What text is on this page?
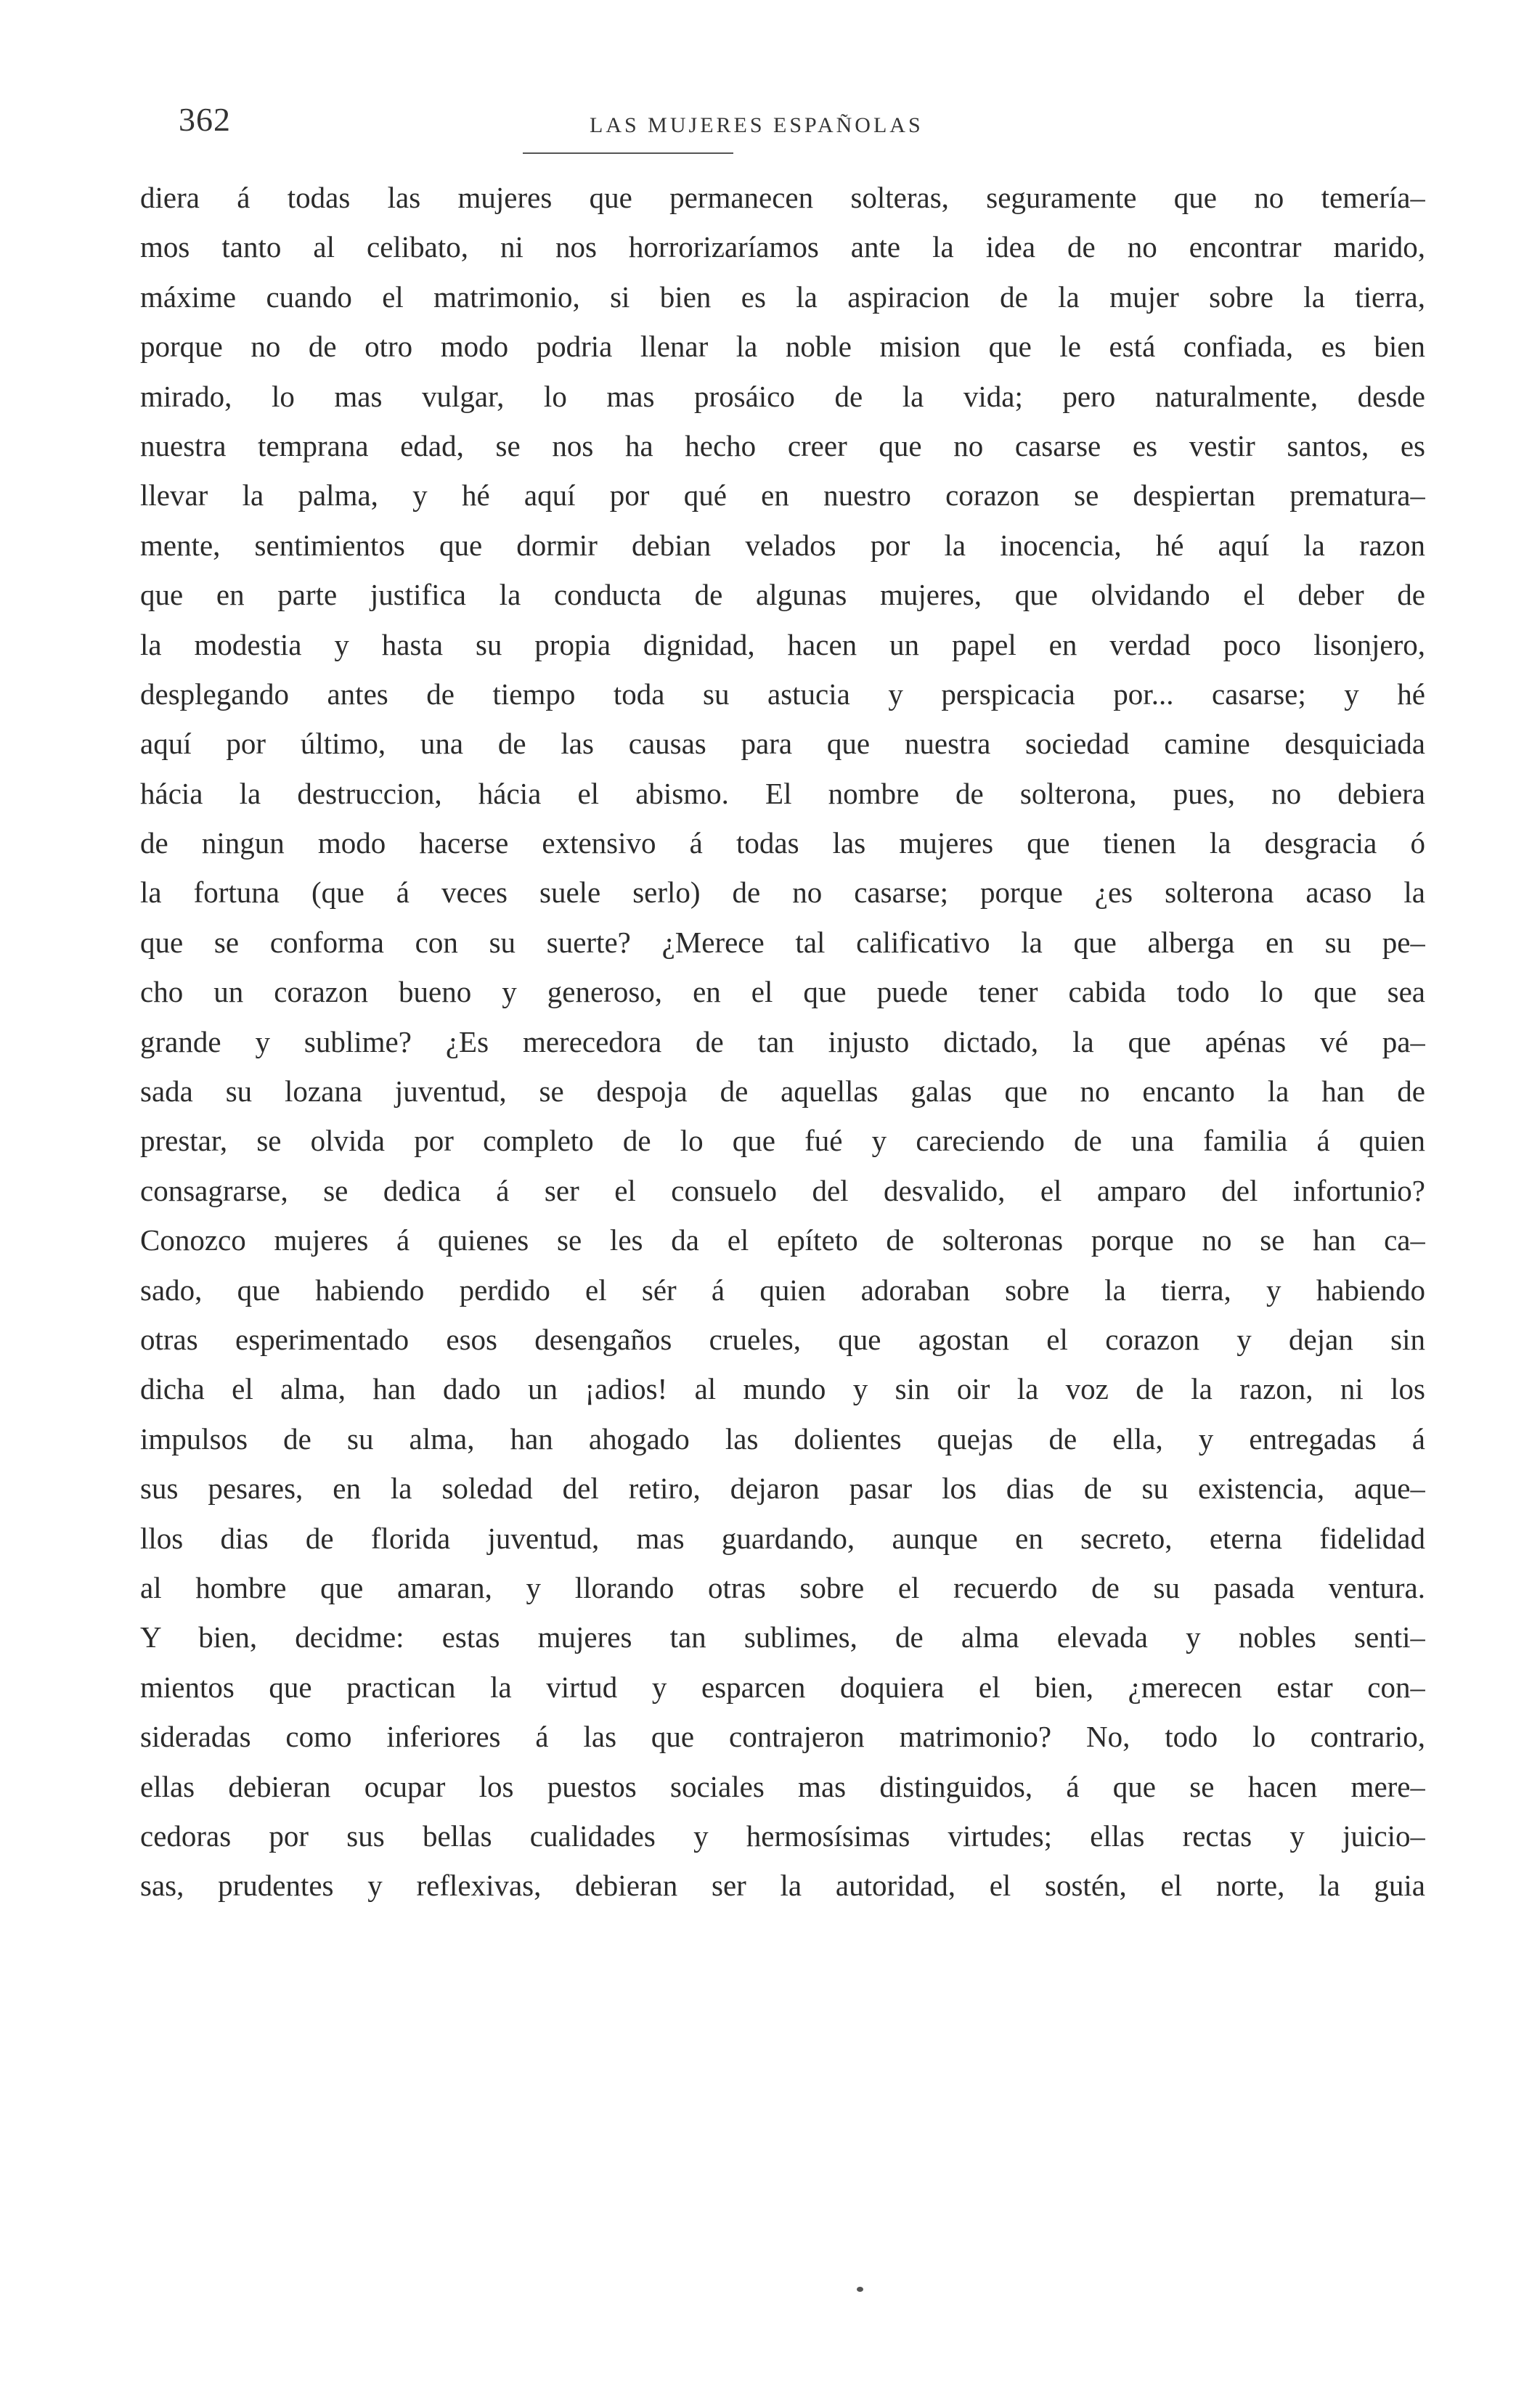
362	LAS MUJERES ESPAÑOLAS
diera á todas las mujeres que permanecen solteras, seguramente que no temería–
mos tanto al celibato, ni nos horrorizaríamos ante la idea de no encontrar marido,
máxime cuando el matrimonio, si bien es la aspiracion de la mujer sobre la tierra,
porque no de otro modo podria llenar la noble mision que le está confiada, es bien
mirado, lo mas vulgar, lo mas prosáico de la vida; pero naturalmente, desde
nuestra temprana edad, se nos ha hecho creer que no casarse es vestir santos, es
llevar la palma, y hé aquí por qué en nuestro corazon se despiertan prematura–
mente, sentimientos que dormir debian velados por la inocencia, hé aquí la razon
que en parte justifica la conducta de algunas mujeres, que olvidando el deber de
la modestia y hasta su propia dignidad, hacen un papel en verdad poco lisonjero,
desplegando antes de tiempo toda su astucia y perspicacia por... casarse; y hé
aquí por último, una de las causas para que nuestra sociedad camine desquiciada
hácia la destruccion, hácia el abismo. El nombre de solterona, pues, no debiera
de ningun modo hacerse extensivo á todas las mujeres que tienen la desgracia ó
la fortuna (que á veces suele serlo) de no casarse; porque ¿es solterona acaso la
que se conforma con su suerte? ¿Merece tal calificativo la que alberga en su pe–
cho un corazon bueno y generoso, en el que puede tener cabida todo lo que sea
grande y sublime? ¿Es merecedora de tan injusto dictado, la que apénas vé pa–
sada su lozana juventud, se despoja de aquellas galas que no encanto la han de
prestar, se olvida por completo de lo que fué y careciendo de una familia á quien
consagrarse, se dedica á ser el consuelo del desvalido, el amparo del infortunio?
Conozco mujeres á quienes se les da el epíteto de solteronas porque no se han ca–
sado, que habiendo perdido el sér á quien adoraban sobre la tierra, y habiendo
otras esperimentado esos desengaños crueles, que agostan el corazon y dejan sin
dicha el alma, han dado un ¡adios! al mundo y sin oir la voz de la razon, ni los
impulsos de su alma, han ahogado las dolientes quejas de ella, y entregadas á
sus pesares, en la soledad del retiro, dejaron pasar los dias de su existencia, aque–
llos dias de florida juventud, mas guardando, aunque en secreto, eterna fidelidad
al hombre que amaran, y llorando otras sobre el recuerdo de su pasada ventura.
Y bien, decidme: estas mujeres tan sublimes, de alma elevada y nobles senti–
mientos que practican la virtud y esparcen doquiera el bien, ¿merecen estar con–
sideradas como inferiores á las que contrajeron matrimonio? No, todo lo contrario,
ellas debieran ocupar los puestos sociales mas distinguidos, á que se hacen mere–
cedoras por sus bellas cualidades y hermosísimas virtudes; ellas rectas y juicio–
sas, prudentes y reflexivas, debieran ser la autoridad, el sostén, el norte, la guia
